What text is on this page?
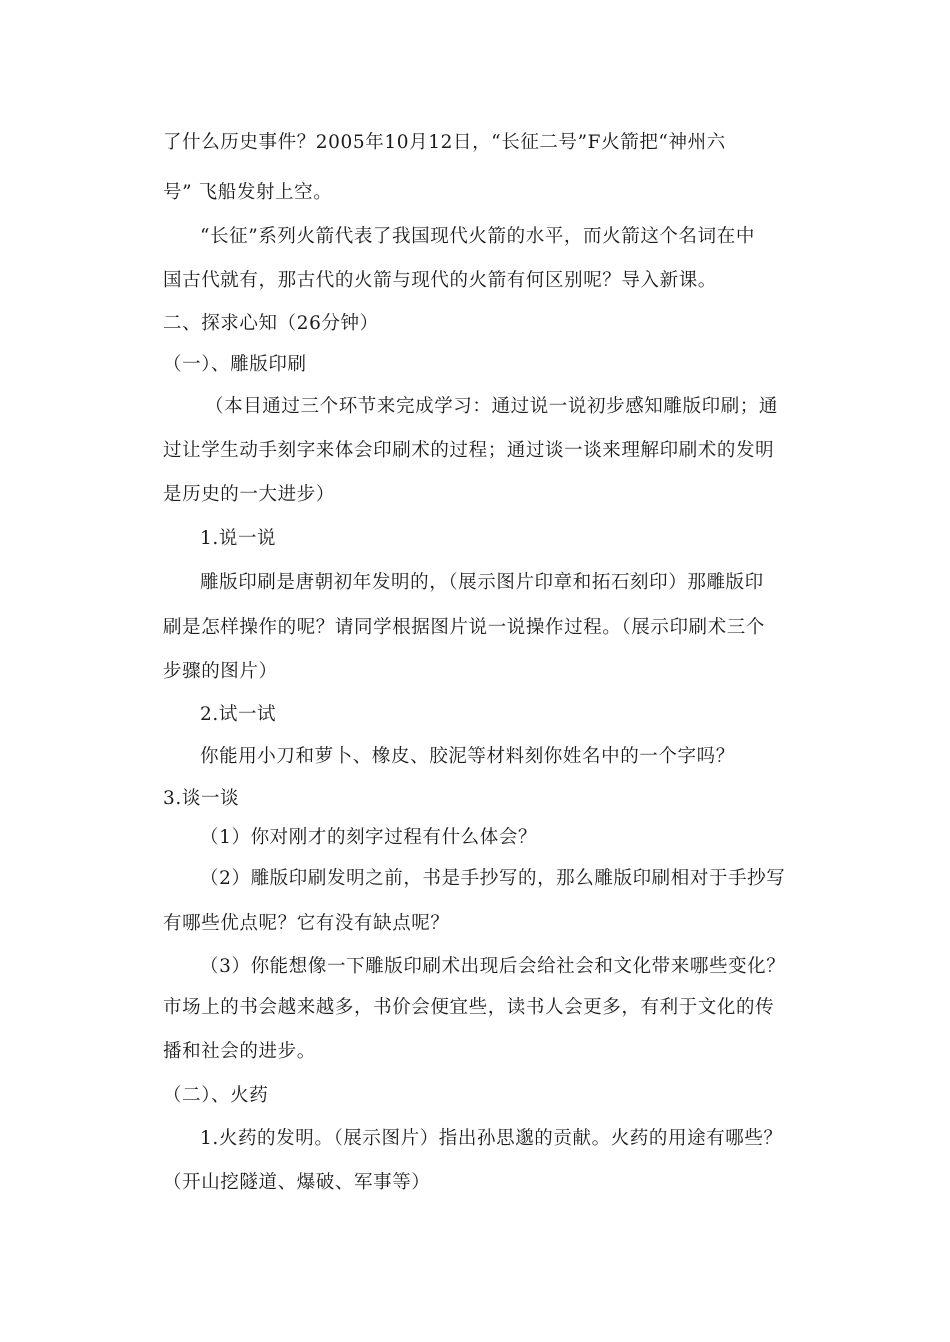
了什么历史事件？2005年10月12日，“长征二号”F火箭把“神州六
号” 飞船发射上空。
“长征”系列火箭代表了我国现代火箭的水平，而火箭这个名词在中
国古代就有，那古代的火箭与现代的火箭有何区别呢？导入新课。
二、探求心知（26分钟）
（一）、雕版印刷
（本目通过三个环节来完成学习：通过说一说初步感知雕版印刷；通
过让学生动手刻字来体会印刷术的过程；通过谈一谈来理解印刷术的发明
是历史的一大进步）
1.说一说
雕版印刷是唐朝初年发明的，（展示图片印章和拓石刻印）那雕版印
刷是怎样操作的呢？请同学根据图片说一说操作过程。（展示印刷术三个
步骤的图片）
2.试一试
你能用小刀和萝卜、橡皮、胶泥等材料刻你姓名中的一个字吗？
3.谈一谈
（1）你对刚才的刻字过程有什么体会？
（2）雕版印刷发明之前，书是手抄写的，那么雕版印刷相对于手抄写
有哪些优点呢？它有没有缺点呢？
（3）你能想像一下雕版印刷术出现后会给社会和文化带来哪些变化？
市场上的书会越来越多，书价会便宜些，读书人会更多，有利于文化的传
播和社会的进步。
（二）、火药
1.火药的发明。（展示图片）指出孙思邈的贡献。火药的用途有哪些？
（开山挖隧道、爆破、军事等）
